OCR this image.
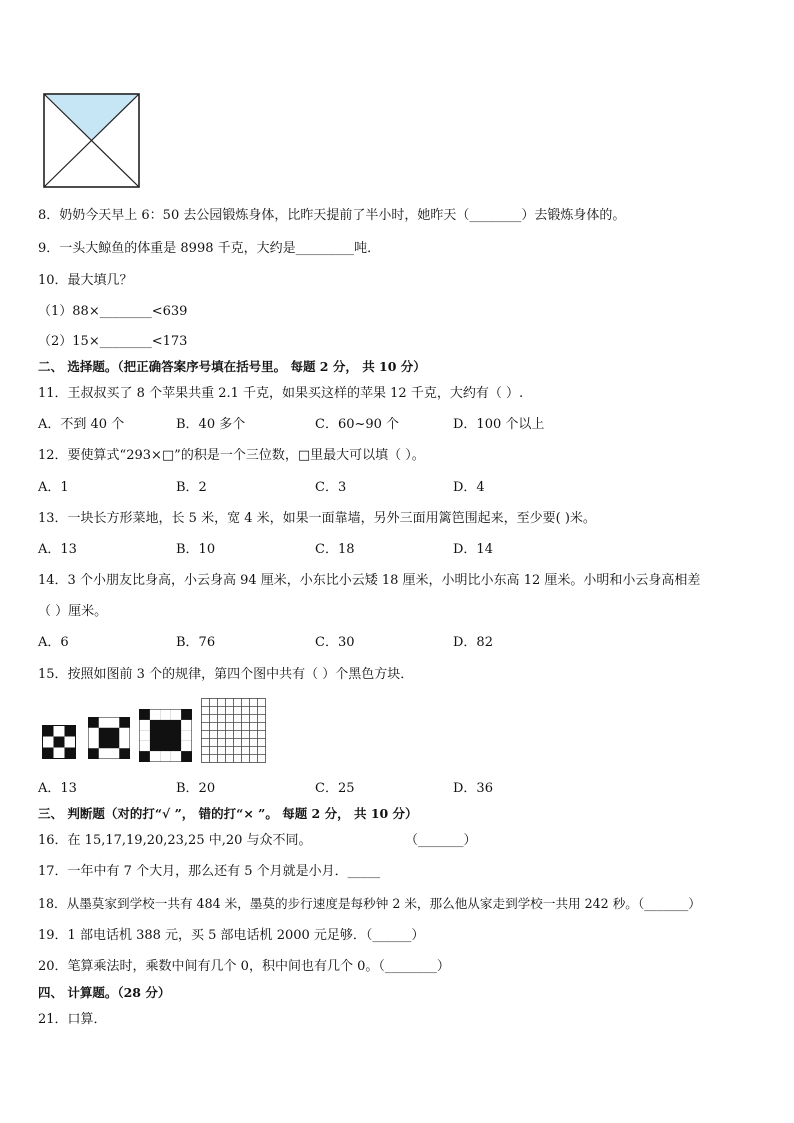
8．奶奶今天早上 6：50 去公园锻炼身体，比昨天提前了半小时，她昨天（________）去锻炼身体的。
9．一头大鲸鱼的体重是 8998 千克，大约是_________吨．
10．最大填几？
（1）88×________<639
（2）15×________<173
二、 选择题。（把正确答案序号填在括号里。 每题 2 分， 共 10 分）
11．王叔叔买了 8 个苹果共重 2.1 千克，如果买这样的苹果 12 千克，大约有（ ）.
A．不到 40 个	B．40 多个	C．60~90 个	D．100 个以上
12．要使算式“293×□”的积是一个三位数，□里最大可以填（ ）。
A．1	B．2	C．3	D．4
13．一块长方形菜地，长 5 米，宽 4 米，如果一面靠墙，另外三面用篱笆围起来，至少要( )米。
A．13	B．10	C．18	D．14
14．3 个小朋友比身高，小云身高 94 厘米，小东比小云矮 18 厘米，小明比小东高 12 厘米。小明和小云身高相差
（ ）厘米。
A．6	B．76	C．30	D．82
15．按照如图前 3 个的规律，第四个图中共有（ ）个黑色方块．
A．13	B．20	C．25	D．36
三、 判断题（对的打“√ ”， 错的打“× ”。 每题 2 分， 共 10 分）
16．在 15,17,19,20,23,25 中,20 与众不同。	（_______）
17．一年中有 7 个大月，那么还有 5 个月就是小月．_____
18．从墨莫家到学校一共有 484 米，墨莫的步行速度是每秒钟 2 米，那么他从家走到学校一共用 242 秒。（_______）
19．1 部电话机 388 元，买 5 部电话机 2000 元足够．（______）
20．笔算乘法时，乘数中间有几个 0，积中间也有几个 0。（________）
四、 计算题。（28 分）
21．口算．
